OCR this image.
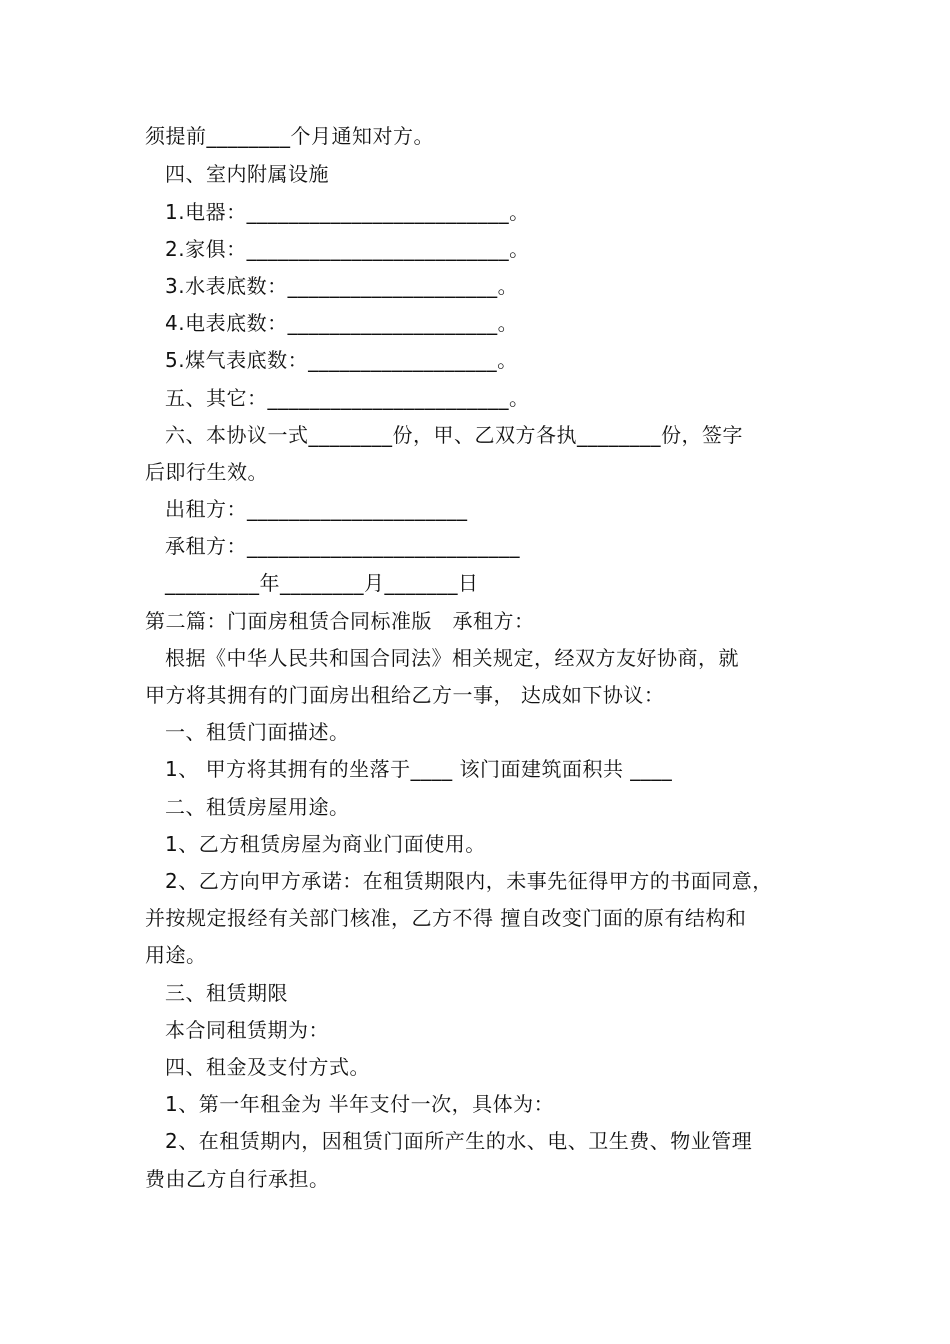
须提前________个月通知对方。
四、室内附属设施
1.电器：_________________________。
2.家俱：_________________________。
3.水表底数：____________________。
4.电表底数：____________________。
5.煤气表底数：__________________。
五、其它：_______________________。
六、本协议一式________份，甲、乙双方各执________份，签字
后即行生效。
出租方：_____________________
承租方：__________________________
_________年________月_______日
第二篇：门面房租赁合同标准版　承租方：
根据《中华人民共和国合同法》相关规定，经双方友好协商，就
甲方将其拥有的门面房出租给乙方一事， 达成如下协议：
一、租赁门面描述。
1、 甲方将其拥有的坐落于____ 该门面建筑面积共 ____
二、租赁房屋用途。
1、乙方租赁房屋为商业门面使用。
2、乙方向甲方承诺：在租赁期限内，未事先征得甲方的书面同意，
并按规定报经有关部门核准，乙方不得 擅自改变门面的原有结构和
用途。
三、租赁期限
本合同租赁期为：
四、租金及支付方式。
1、第一年租金为 半年支付一次，具体为：
2、在租赁期内，因租赁门面所产生的水、电、卫生费、物业管理
费由乙方自行承担。
